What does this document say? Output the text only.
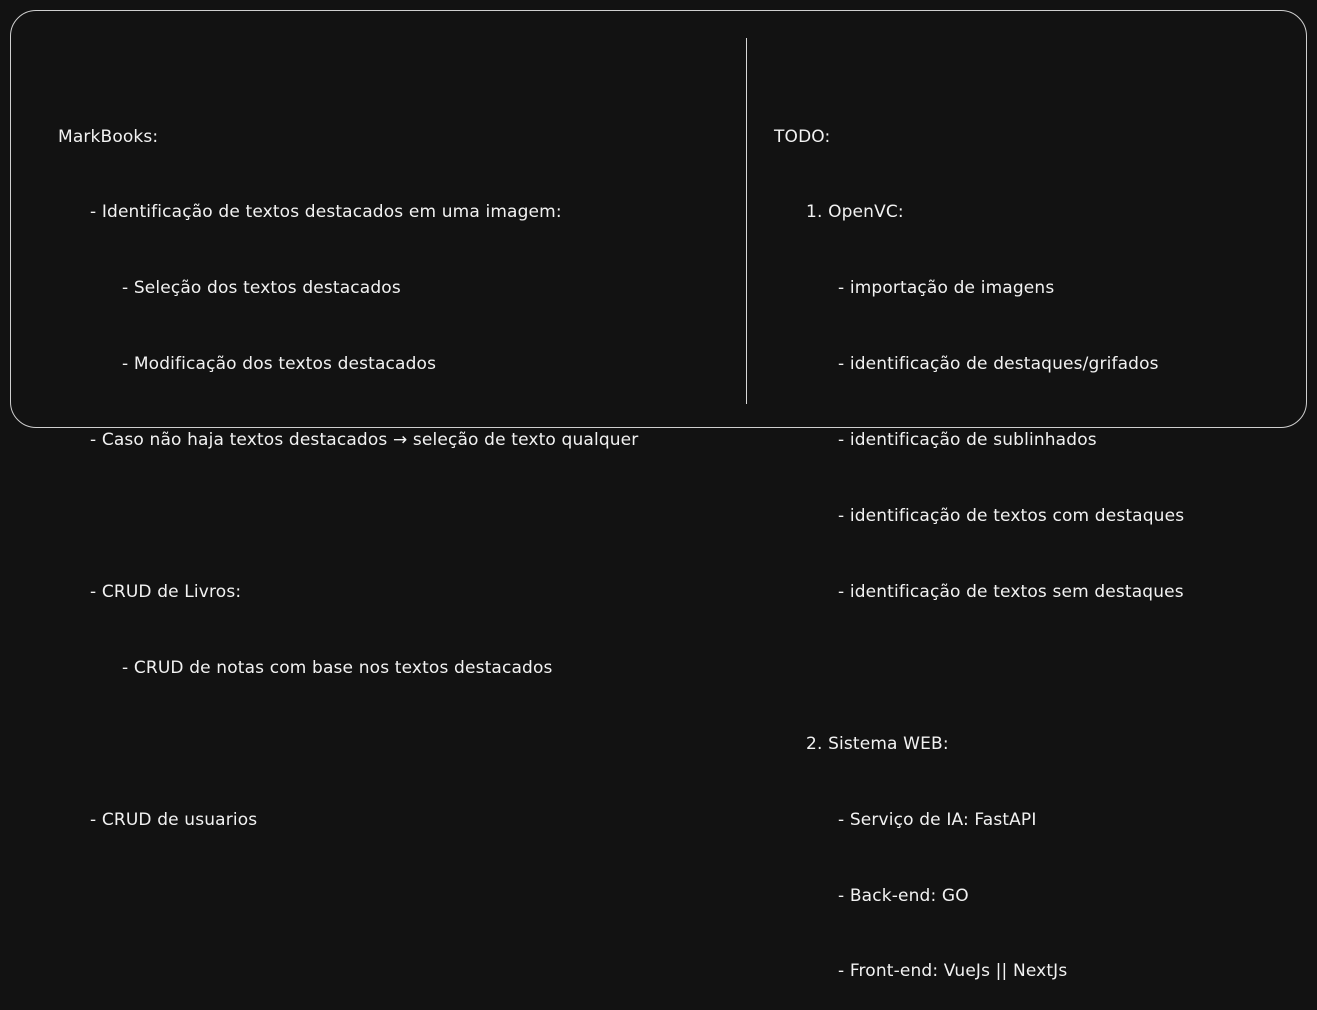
MarkBooks:

- Identificação de textos destacados em uma imagem:

- Seleção dos textos destacados

- Modificação dos textos destacados

- Caso não haja textos destacados → seleção de texto qualquer

- CRUD de Livros:

- CRUD de notas com base nos textos destacados

- CRUD de usuarios

TODO:

1. OpenVC:

- importação de imagens

- identificação de destaques/grifados

- identificação de sublinhados

- identificação de textos com destaques

- identificação de textos sem destaques

2. Sistema WEB:

- Serviço de IA: FastAPI

- Back-end: GO

- Front-end: VueJs || NextJs
